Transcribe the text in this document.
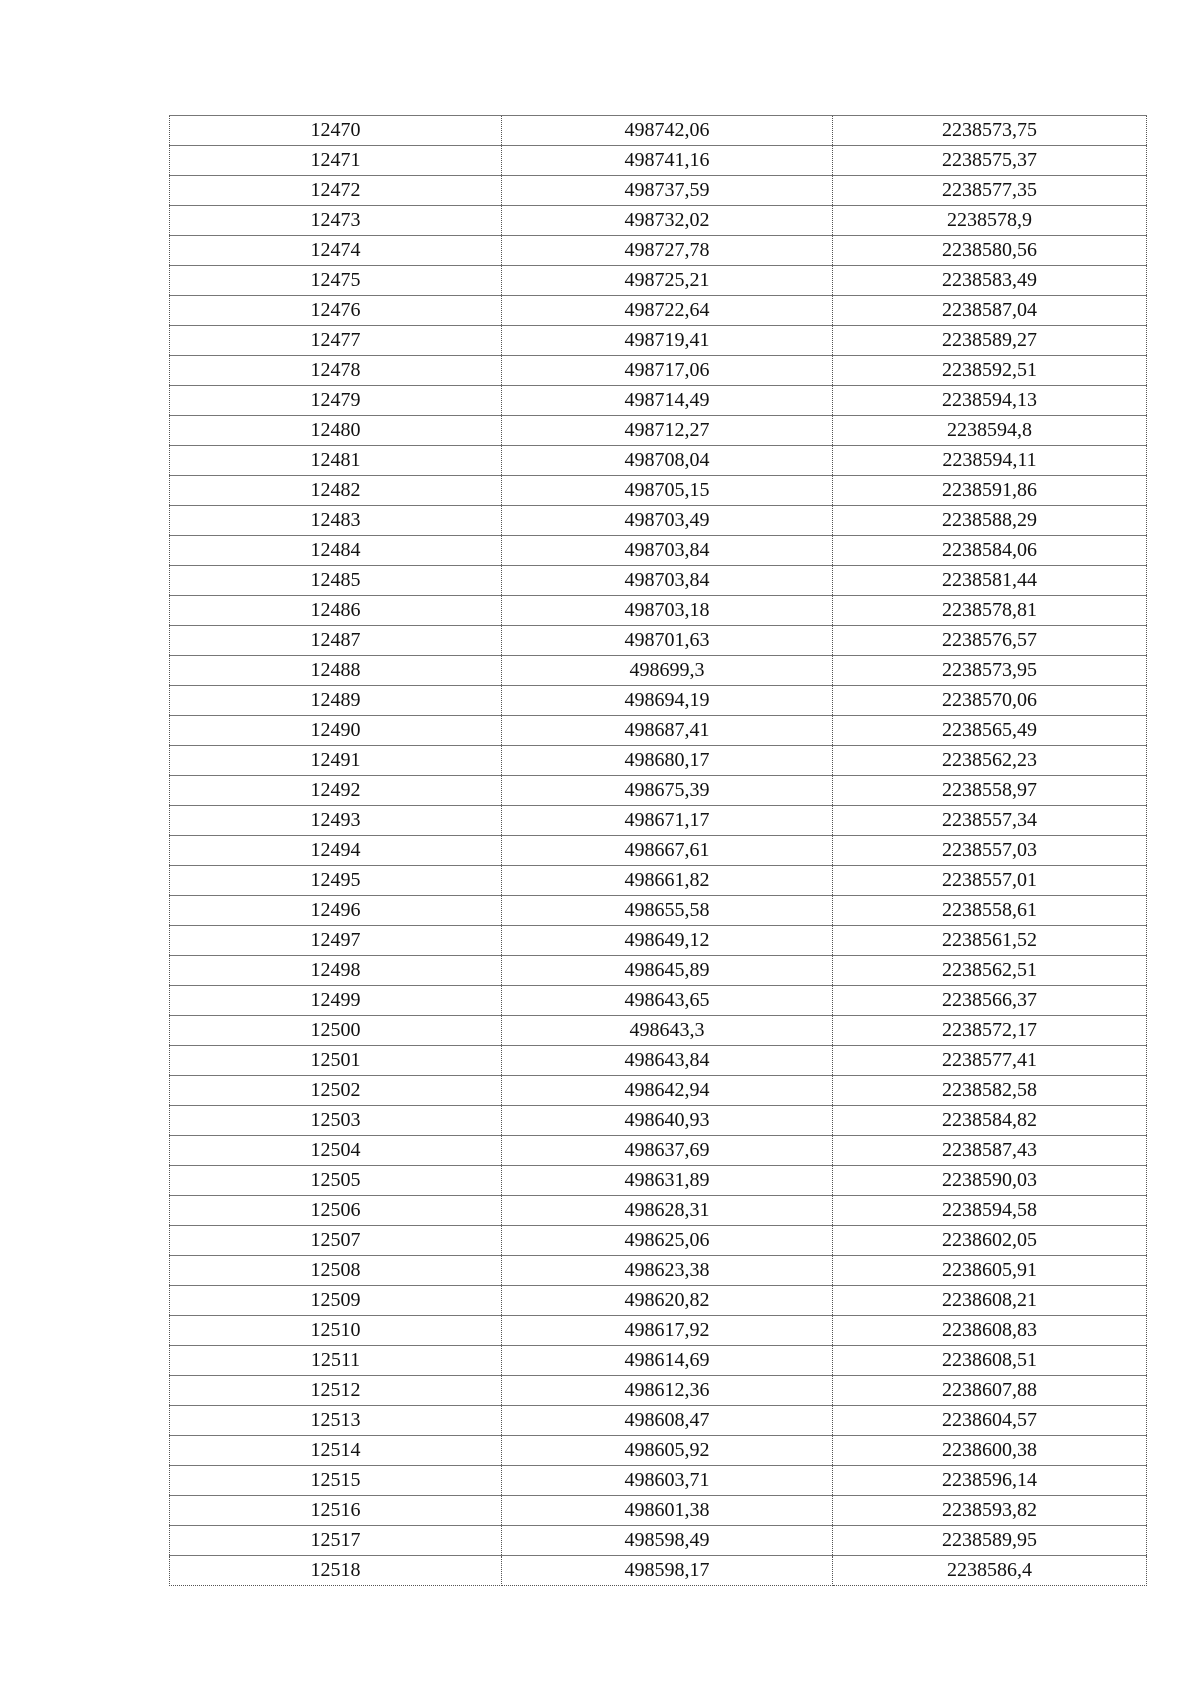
12470	498742,06	2238573,75
12471	498741,16	2238575,37
12472	498737,59	2238577,35
12473	498732,02	2238578,9
12474	498727,78	2238580,56
12475	498725,21	2238583,49
12476	498722,64	2238587,04
12477	498719,41	2238589,27
12478	498717,06	2238592,51
12479	498714,49	2238594,13
12480	498712,27	2238594,8
12481	498708,04	2238594,11
12482	498705,15	2238591,86
12483	498703,49	2238588,29
12484	498703,84	2238584,06
12485	498703,84	2238581,44
12486	498703,18	2238578,81
12487	498701,63	2238576,57
12488	498699,3	2238573,95
12489	498694,19	2238570,06
12490	498687,41	2238565,49
12491	498680,17	2238562,23
12492	498675,39	2238558,97
12493	498671,17	2238557,34
12494	498667,61	2238557,03
12495	498661,82	2238557,01
12496	498655,58	2238558,61
12497	498649,12	2238561,52
12498	498645,89	2238562,51
12499	498643,65	2238566,37
12500	498643,3	2238572,17
12501	498643,84	2238577,41
12502	498642,94	2238582,58
12503	498640,93	2238584,82
12504	498637,69	2238587,43
12505	498631,89	2238590,03
12506	498628,31	2238594,58
12507	498625,06	2238602,05
12508	498623,38	2238605,91
12509	498620,82	2238608,21
12510	498617,92	2238608,83
12511	498614,69	2238608,51
12512	498612,36	2238607,88
12513	498608,47	2238604,57
12514	498605,92	2238600,38
12515	498603,71	2238596,14
12516	498601,38	2238593,82
12517	498598,49	2238589,95
12518	498598,17	2238586,4
